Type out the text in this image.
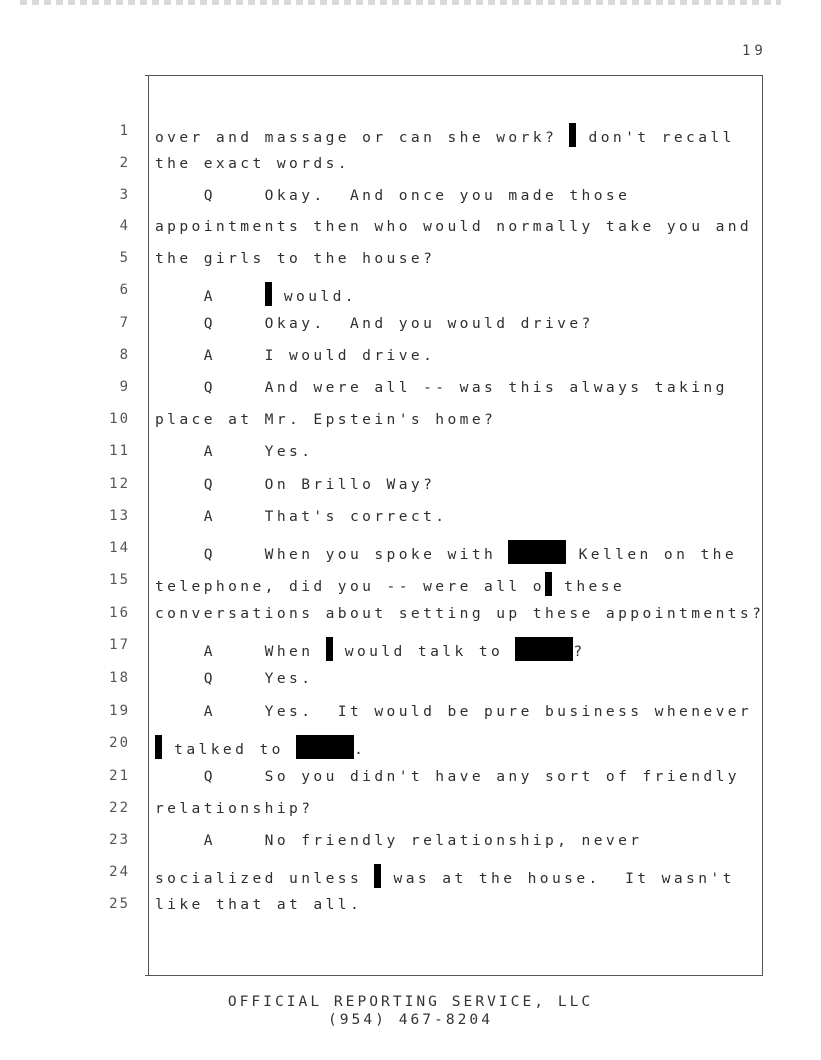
19
1 over and massage or can she work?  don't recall
2 the exact words.
3 Q    Okay.  And once you made those
4 appointments then who would normally take you and
5 the girls to the house?
6 A     would.
7 Q    Okay.  And you would drive?
8 A    I would drive.
9 Q    And were all -- was this always taking
10 place at Mr. Epstein's home?
11 A    Yes.
12 Q    On Brillo Way?
13 A    That's correct.
14 Q    When you spoke with	Kellen on the
15 telephone, did you -- were all o these
16 conversations about setting up these appointments?
17 A    When  would talk to	?
18 Q    Yes.
19 A    Yes.  It would be pure business whenever
20	talked to	.
21 Q    So you didn't have any sort of friendly
22 relationship?
23 A    No friendly relationship, never
24 socialized unless  was at the house.  It wasn't
25 like that at all.
OFFICIAL REPORTING SERVICE, LLC
(954) 467-8204
